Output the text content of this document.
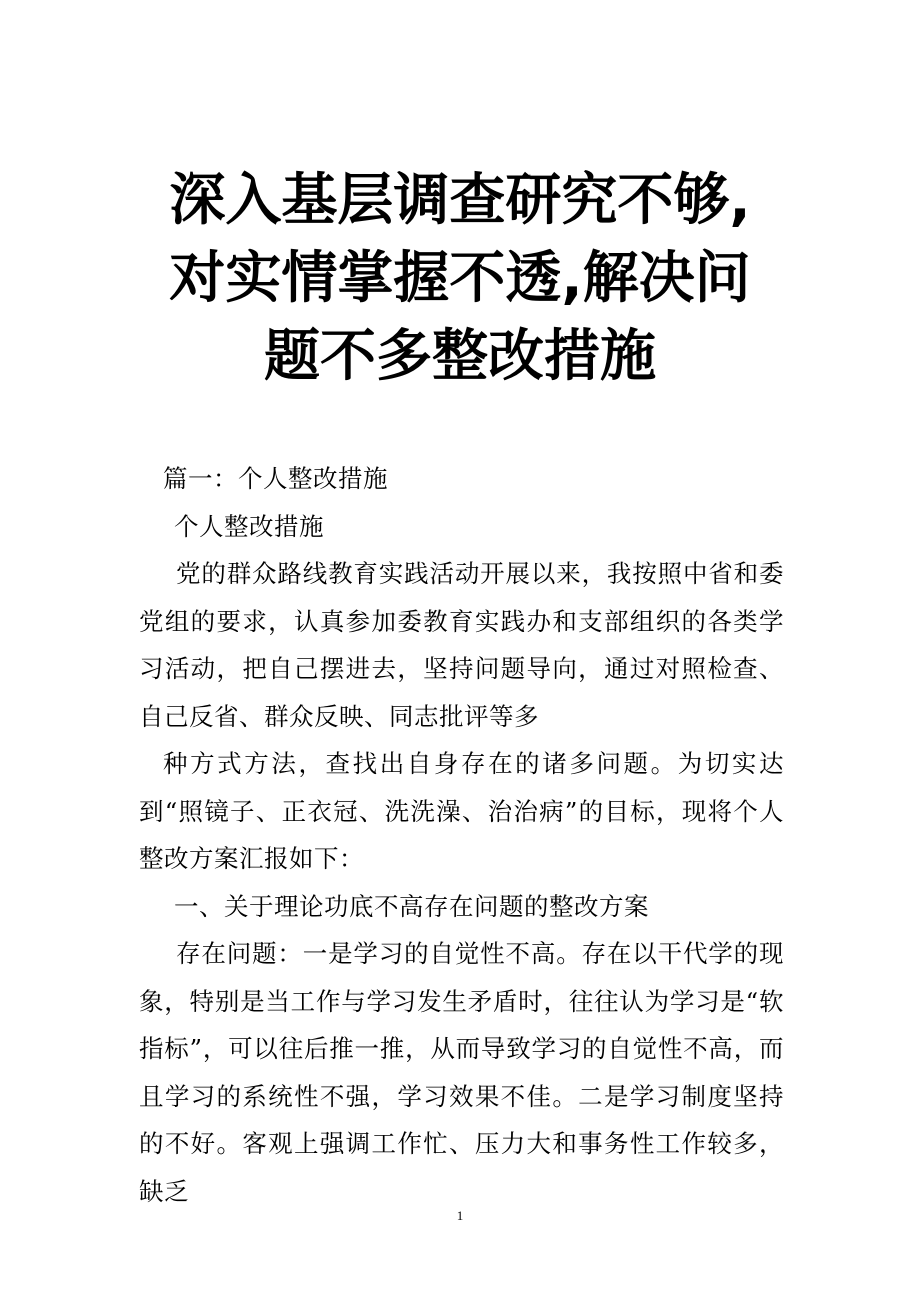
深入基层调查研究不够,
对实情掌握不透,解决问
题不多整改措施

篇一：个人整改措施

个人整改措施

党的群众路线教育实践活动开展以来，我按照中省和委党组的要求，认真参加委教育实践办和支部组织的各类学习活动，把自己摆进去，坚持问题导向，通过对照检查、自己反省、群众反映、同志批评等多

种方式方法，查找出自身存在的诸多问题。为切实达到“照镜子、正衣冠、洗洗澡、治治病”的目标，现将个人整改方案汇报如下：

一、关于理论功底不高存在问题的整改方案

存在问题：一是学习的自觉性不高。存在以干代学的现象，特别是当工作与学习发生矛盾时，往往认为学习是“软指标”，可以往后推一推，从而导致学习的自觉性不高，而且学习的系统性不强，学习效果不佳。二是学习制度坚持的不好。客观上强调工作忙、压力大和事务性工作较多，缺乏

1
